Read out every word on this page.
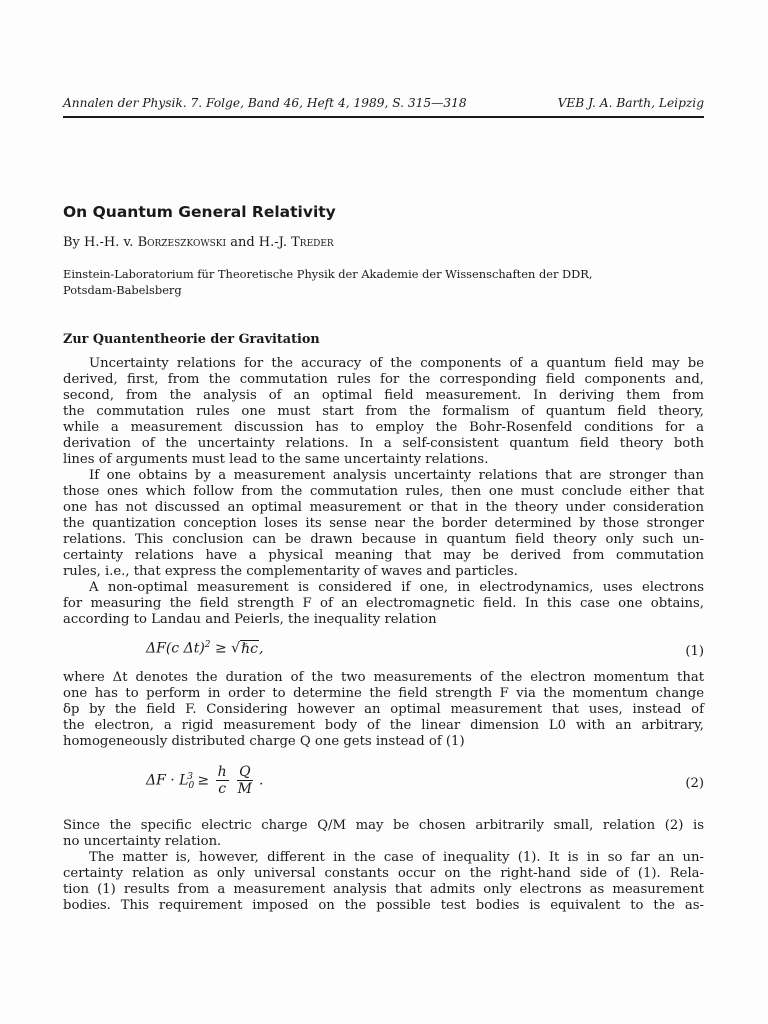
Annalen der Physik. 7. Folge, Band 46, Heft 4, 1989, S. 315—318	VEB J. A. Barth, Leipzig
On Quantum General Relativity
By H.-H. v. Borzeszkowski and H.-J. Treder
Einstein-Laboratorium für Theoretische Physik der Akademie der Wissenschaften der DDR,
Potsdam-Babelsberg
Zur Quantentheorie der Gravitation
Uncertainty relations for the accuracy of the components of a quantum field may be
derived, first, from the commutation rules for the corresponding field components and,
second, from the analysis of an optimal field measurement. In deriving them from
the commutation rules one must start from the formalism of quantum field theory,
while a measurement discussion has to employ the Bohr-Rosenfeld conditions for a
derivation of the uncertainty relations. In a self-consistent quantum field theory both
lines of arguments must lead to the same uncertainty relations.
If one obtains by a measurement analysis uncertainty relations that are stronger than
those ones which follow from the commutation rules, then one must conclude either that
one has not discussed an optimal measurement or that in the theory under consideration
the quantization conception loses its sense near the border determined by those stronger
relations. This conclusion can be drawn because in quantum field theory only such un-
certainty relations have a physical meaning that may be derived from commutation
rules, i.e., that express the complementarity of waves and particles.
A non-optimal measurement is considered if one, in electrodynamics, uses electrons
for measuring the field strength F of an electromagnetic field. In this case one obtains,
according to Landau and Peierls, the inequality relation
ΔF(c Δt)$^2$ ≥ √ℏc,	(1)
where Δt denotes the duration of the two measurements of the electron momentum that
one has to perform in order to determine the field strength F via the momentum change
δp by the field F. Considering however an optimal measurement that uses, instead of
the electron, a rigid measurement body of the linear dimension L0 with an arbitrary,
homogeneously distributed charge Q one gets instead of (1)
$\Delta F \cdot L_0^3 \ge \frac{h}{c}$
$\frac{Q}{M}$ .	(2)
Since the specific electric charge Q/M may be chosen arbitrarily small, relation (2) is
no uncertainty relation.
The matter is, however, different in the case of inequality (1). It is in so far an un-
certainty relation as only universal constants occur on the right-hand side of (1). Rela-
tion (1) results from a measurement analysis that admits only electrons as measurement
bodies. This requirement imposed on the possible test bodies is equivalent to the as-
